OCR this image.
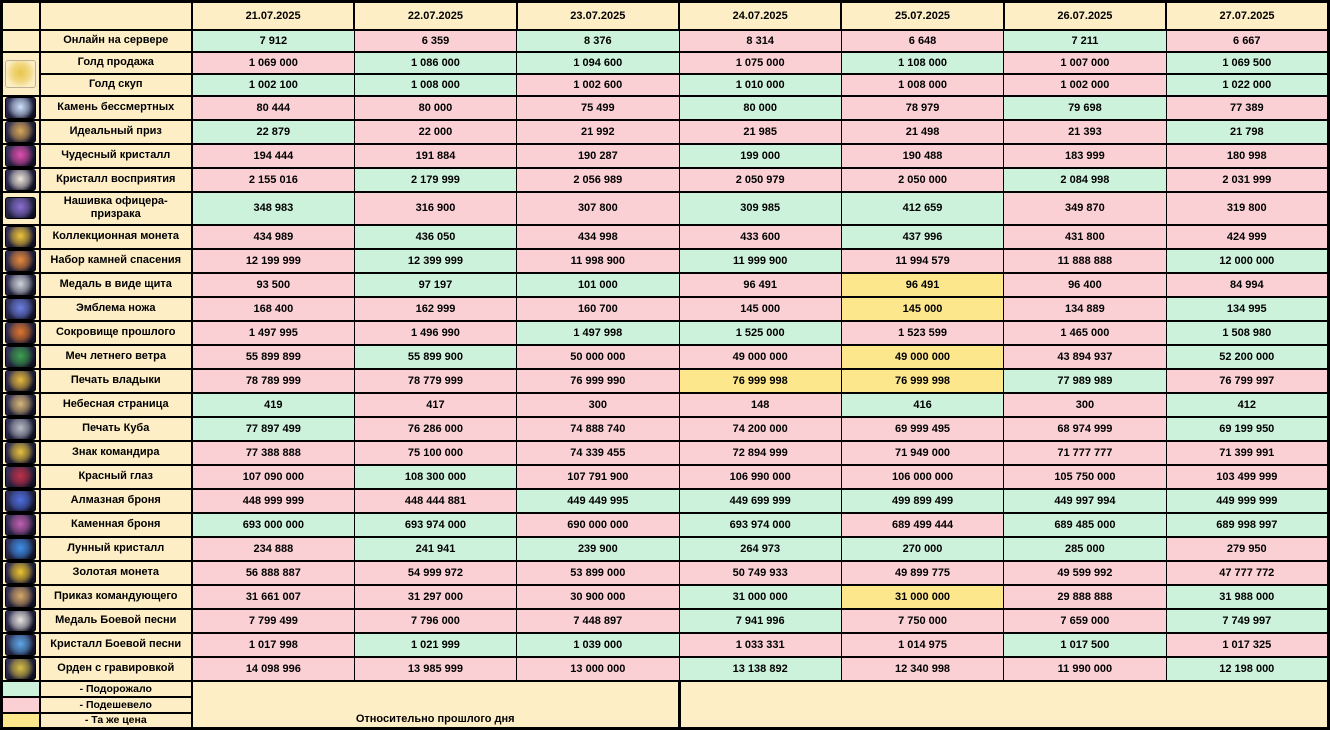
		21.07.2025	22.07.2025	23.07.2025	24.07.2025	25.07.2025	26.07.2025	27.07.2025
	Онлайн на сервере	7 912	6 359	8 376	8 314	6 648	7 211	6 667

	Голд продажа	1 069 000	1 086 000	1 094 600	1 075 000	1 108 000	1 007 000	1 069 500
	Голд скуп	1 002 100	1 008 000	1 002 600	1 010 000	1 008 000	1 002 000	1 022 000

	Камень бессмертных	80 444	80 000	75 499	80 000	78 979	79 698	77 389

	Идеальный приз	22 879	22 000	21 992	21 985	21 498	21 393	21 798

	Чудесный кристалл	194 444	191 884	190 287	199 000	190 488	183 999	180 998

	Кристалл восприятия	2 155 016	2 179 999	2 056 989	2 050 979	2 050 000	2 084 998	2 031 999

	Нашивка офицера-призрака	348 983	316 900	307 800	309 985	412 659	349 870	319 800

	Коллекционная монета	434 989	436 050	434 998	433 600	437 996	431 800	424 999

	Набор камней спасения	12 199 999	12 399 999	11 998 900	11 999 900	11 994 579	11 888 888	12 000 000

	Медаль в виде щита	93 500	97 197	101 000	96 491	96 491	96 400	84 994

	Эмблема ножа	168 400	162 999	160 700	145 000	145 000	134 889	134 995

	Сокровище прошлого	1 497 995	1 496 990	1 497 998	1 525 000	1 523 599	1 465 000	1 508 980

	Меч летнего ветра	55 899 899	55 899 900	50 000 000	49 000 000	49 000 000	43 894 937	52 200 000

	Печать владыки	78 789 999	78 779 999	76 999 990	76 999 998	76 999 998	77 989 989	76 799 997

	Небесная страница	419	417	300	148	416	300	412

	Печать Куба	77 897 499	76 286 000	74 888 740	74 200 000	69 999 495	68 974 999	69 199 950

	Знак командира	77 388 888	75 100 000	74 339 455	72 894 999	71 949 000	71 777 777	71 399 991

	Красный глаз	107 090 000	108 300 000	107 791 900	106 990 000	106 000 000	105 750 000	103 499 999

	Алмазная броня	448 999 999	448 444 881	449 449 995	449 699 999	499 899 499	449 997 994	449 999 999

	Каменная броня	693 000 000	693 974 000	690 000 000	693 974 000	689 499 444	689 485 000	689 998 997

	Лунный кристалл	234 888	241 941	239 900	264 973	270 000	285 000	279 950

	Золотая монета	56 888 887	54 999 972	53 899 000	50 749 933	49 899 775	49 599 992	47 777 772

	Приказ командующего	31 661 007	31 297 000	30 900 000	31 000 000	31 000 000	29 888 888	31 988 000

	Медаль Боевой песни	7 799 499	7 796 000	7 448 897	7 941 996	7 750 000	7 659 000	7 749 997

	Кристалл Боевой песни	1 017 998	1 021 999	1 039 000	1 033 331	1 014 975	1 017 500	1 017 325

	Орден с гравировкой	14 098 996	13 985 999	13 000 000	13 138 892	12 340 998	11 990 000	12 198 000
	- Подорожало	Относительно прошлого дня						
	- Подешевело							
	- Та же цена							
